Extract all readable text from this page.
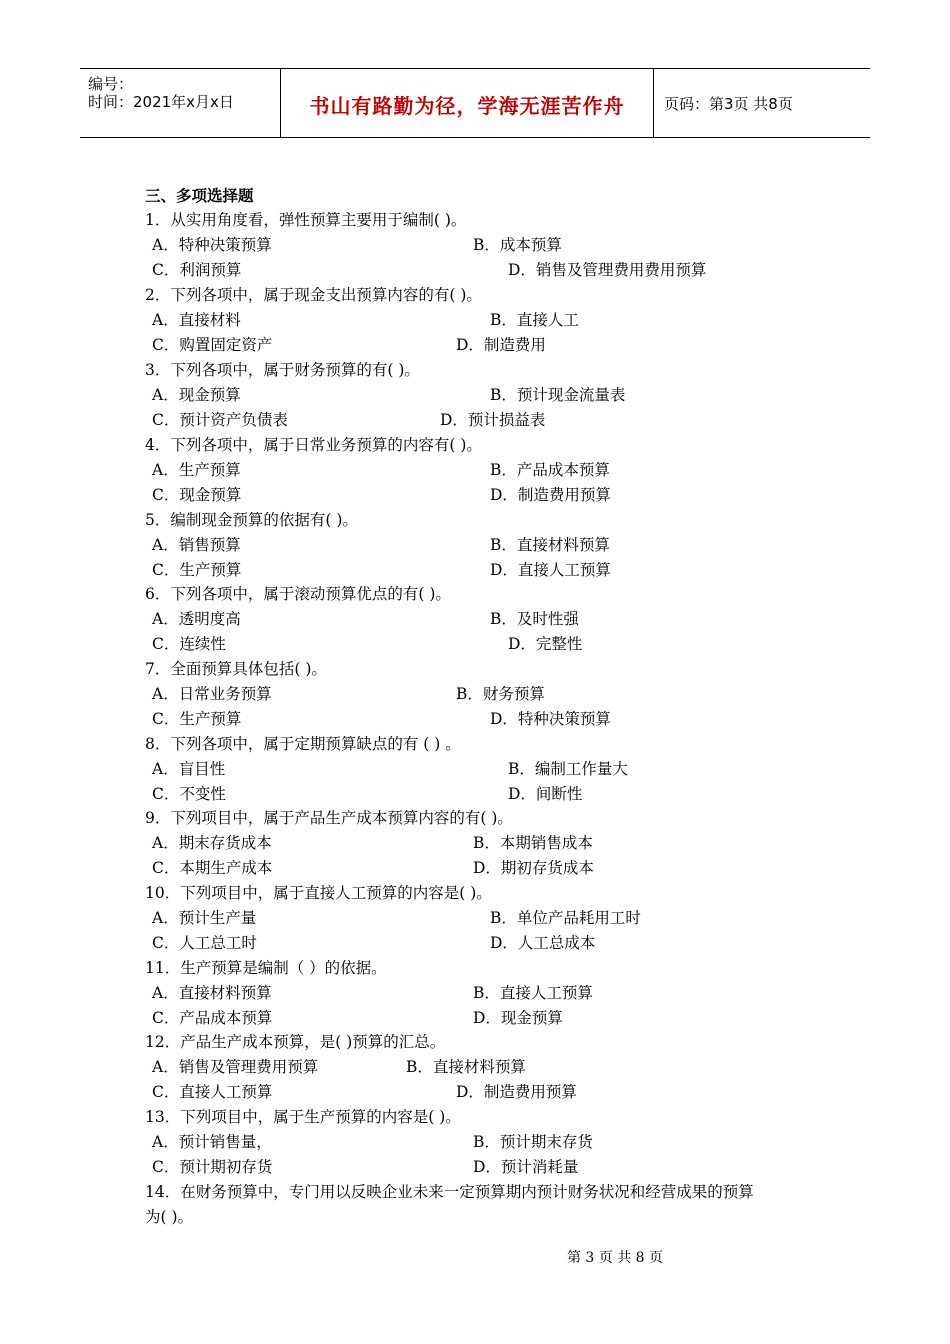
编号：
时间：2021年x月x日	书山有路勤为径，学海无涯苦作舟	页码：第3页 共8页
三、多项选择题
1．从实用角度看，弹性预算主要用于编制( )。
A．特种决策预算	B．成本预算
C．利润预算	D．销售及管理费用费用预算
2．下列各项中，属于现金支出预算内容的有( )。
A．直接材料	B．直接人工
C．购置固定资产	D．制造费用
3．下列各项中，属于财务预算的有( )。
A．现金预算	B．预计现金流量表
C．预计资产负债表	D．预计损益表
4．下列各项中，属于日常业务预算的内容有( )。
A．生产预算	B．产品成本预算
C．现金预算	D．制造费用预算
5．编制现金预算的依据有( )。
A．销售预算	B．直接材料预算
C．生产预算	D．直接人工预算
6．下列各项中，属于滚动预算优点的有( )。
A．透明度高	B．及时性强
C．连续性	D．完整性
7．全面预算具体包括( )。
A．日常业务预算	B．财务预算
C．生产预算	D．特种决策预算
8．下列各项中，属于定期预算缺点的有 ( ) 。
A．盲目性	B．编制工作量大
C．不变性	D．间断性
9．下列项目中，属于产品生产成本预算内容的有( )。
A．期末存货成本	B．本期销售成本
C．本期生产成本	D．期初存货成本
10．下列项目中，属于直接人工预算的内容是( )。
A．预计生产量	B．单位产品耗用工时
C．人工总工时	D．人工总成本
11．生产预算是编制（ ）的依据。
A．直接材料预算	B．直接人工预算
C．产品成本预算	D．现金预算
12．产品生产成本预算，是( )预算的汇总。
A．销售及管理费用预算	B．直接材料预算
C．直接人工预算	D．制造费用预算
13．下列项目中，属于生产预算的内容是( )。
A．预计销售量，	B．预计期末存货
C．预计期初存货	D．预计消耗量
14．在财务预算中，专门用以反映企业未来一定预算期内预计财务状况和经营成果的预算
为( )。
第 3 页 共 8 页
